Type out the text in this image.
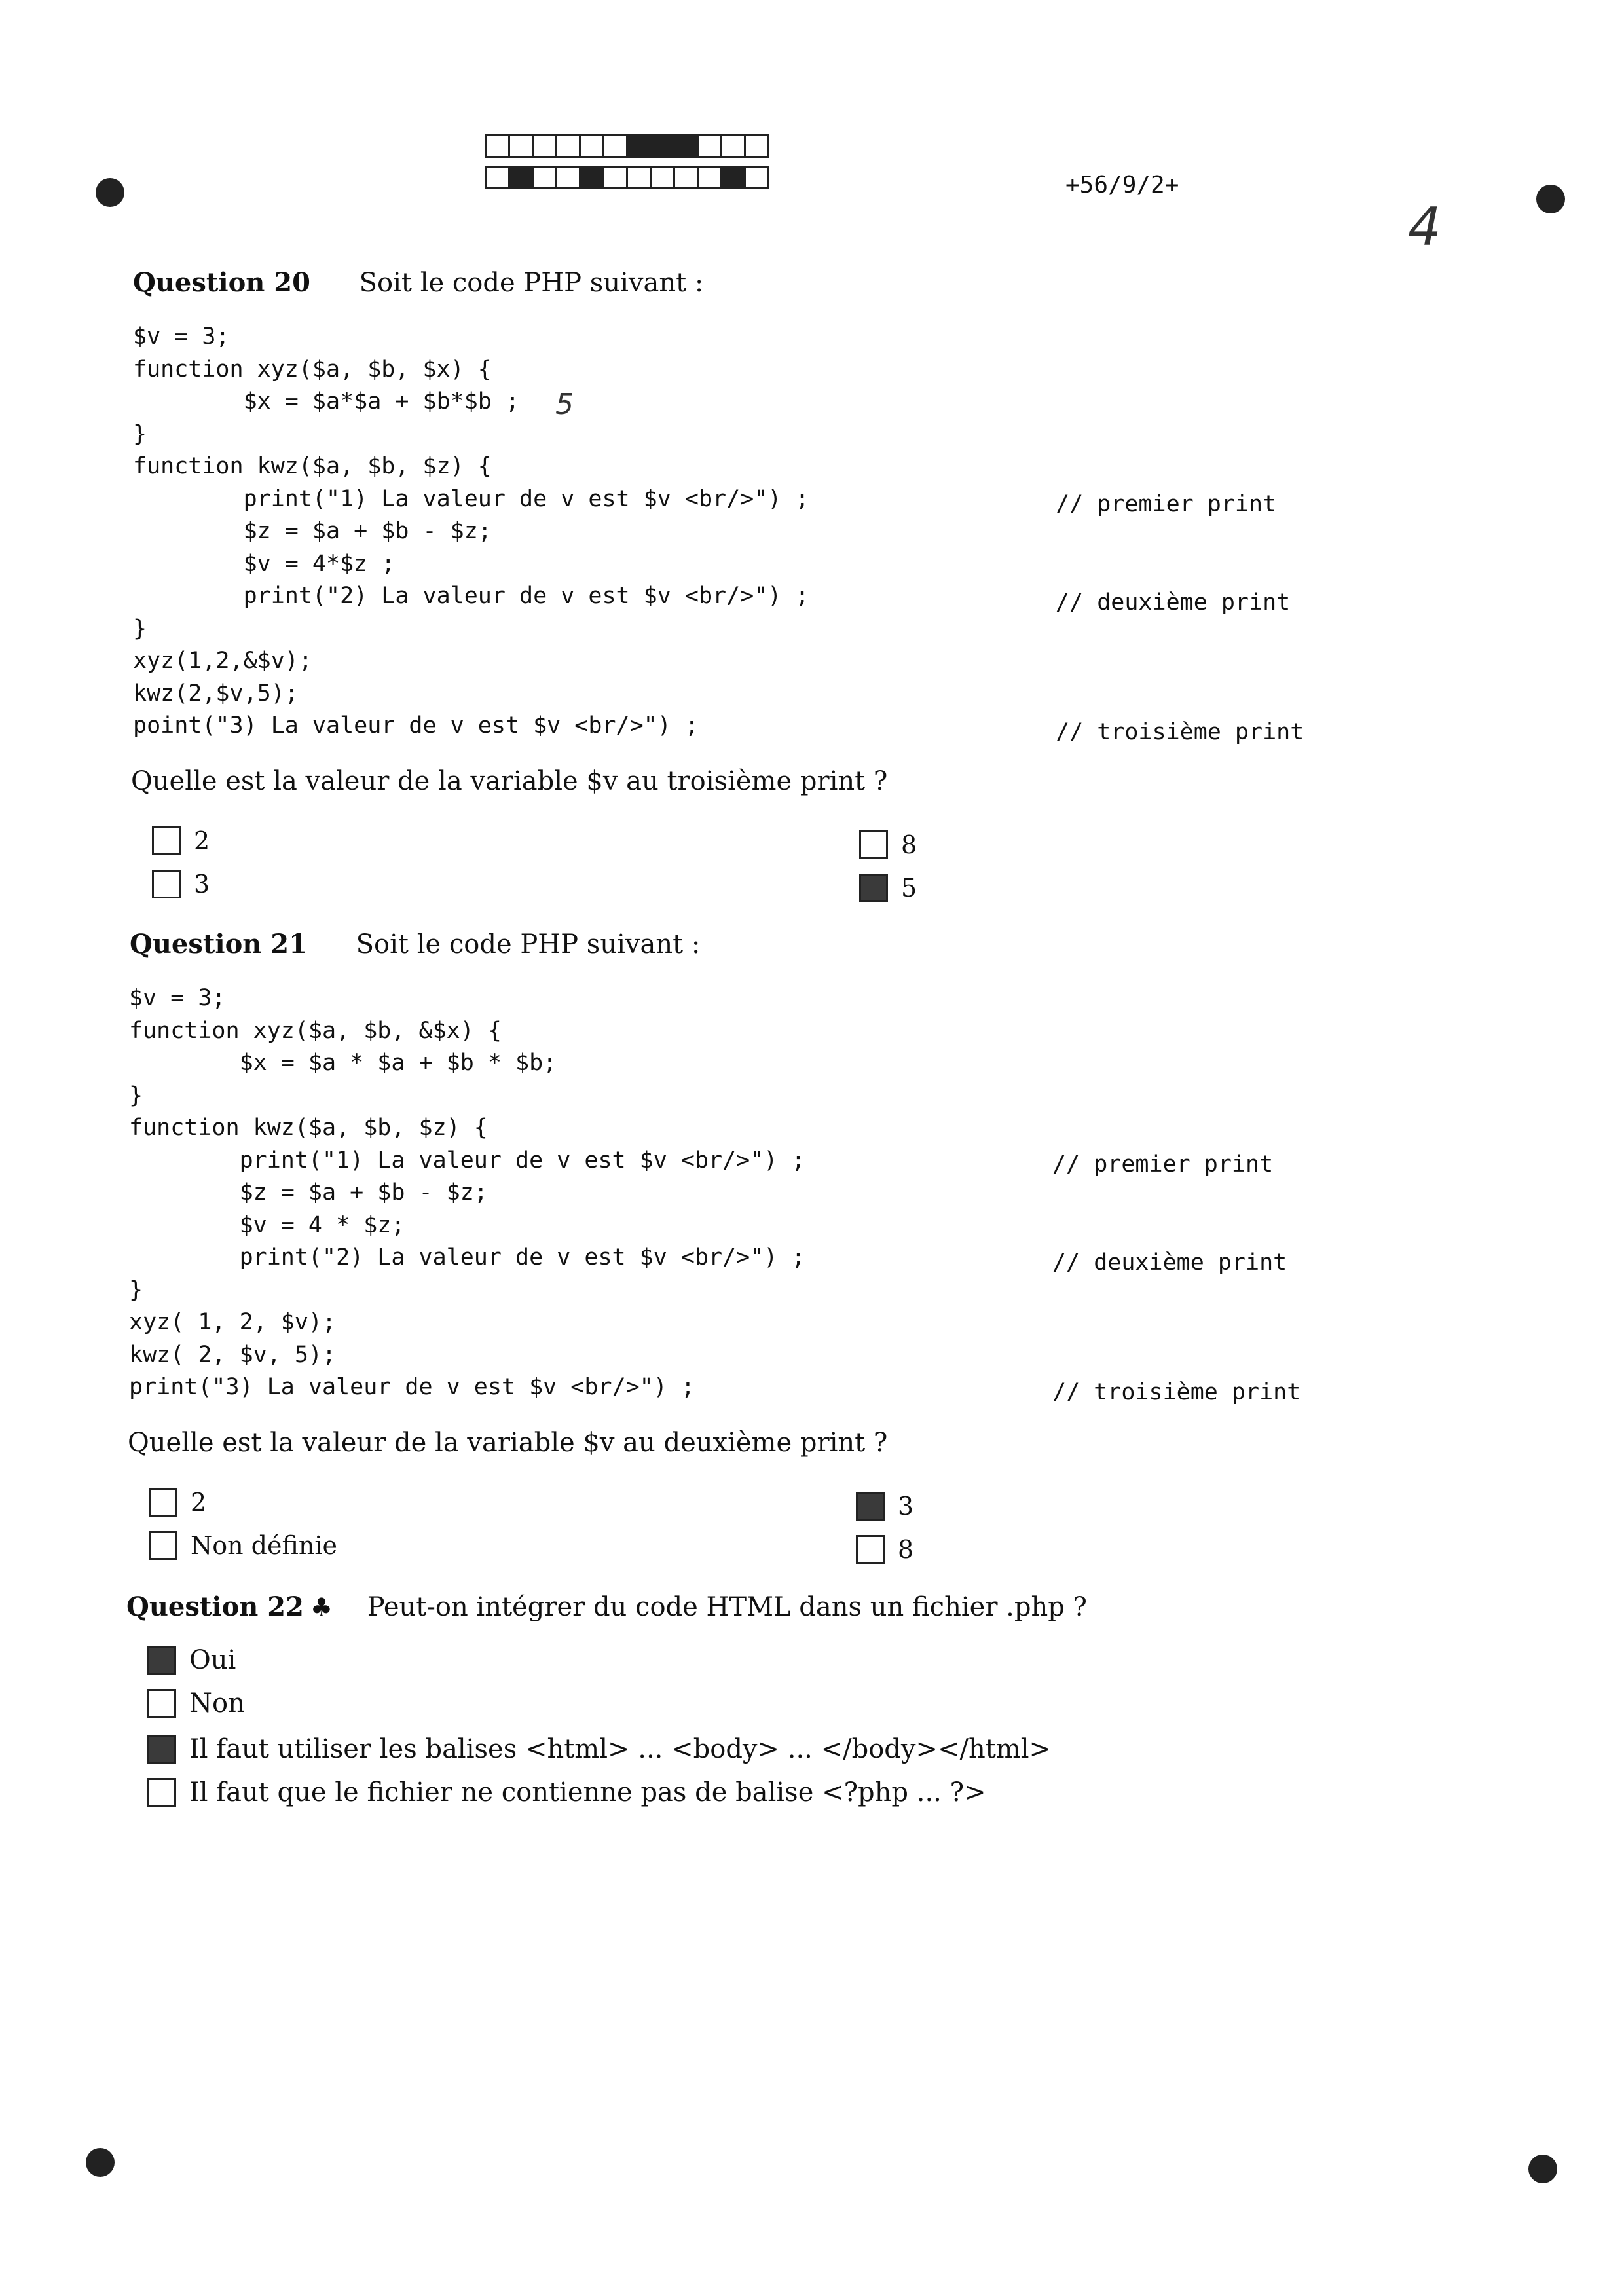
+56/9/2+
4
Question 20 Soit le code PHP suivant :
$v = 3;
function xyz($a, $b, $x) {
$x = $a*$a + $b*$b ;
}
function kwz($a, $b, $z) {
print("1) La valeur de v est $v <br/>") ;
$z = $a + $b - $z;
$v = 4*$z ;
print("2) La valeur de v est $v <br/>") ;
}
xyz(1,2,&$v);
kwz(2,$v,5);
point("3) La valeur de v est $v <br/>") ;
5
// premier print
// deuxième print
// troisième print
Quelle est la valeur de la variable $v au troisième print ?
2
3
8
5
Question 21 Soit le code PHP suivant :
$v = 3;
function xyz($a, $b, &$x) {
$x = $a * $a + $b * $b;
}
function kwz($a, $b, $z) {
print("1) La valeur de v est $v <br/>") ;
$z = $a + $b - $z;
$v = 4 * $z;
print("2) La valeur de v est $v <br/>") ;
}
xyz( 1, 2, $v);
kwz( 2, $v, 5);
print("3) La valeur de v est $v <br/>") ;
// premier print
// deuxième print
// troisième print
Quelle est la valeur de la variable $v au deuxième print ?
2
Non définie
3
8
Question 22 ♣ Peut-on intégrer du code HTML dans un fichier .php ?
Oui
Non
Il faut utiliser les balises <html> ... <body> ... </body></html>
Il faut que le fichier ne contienne pas de balise <?php ... ?>
